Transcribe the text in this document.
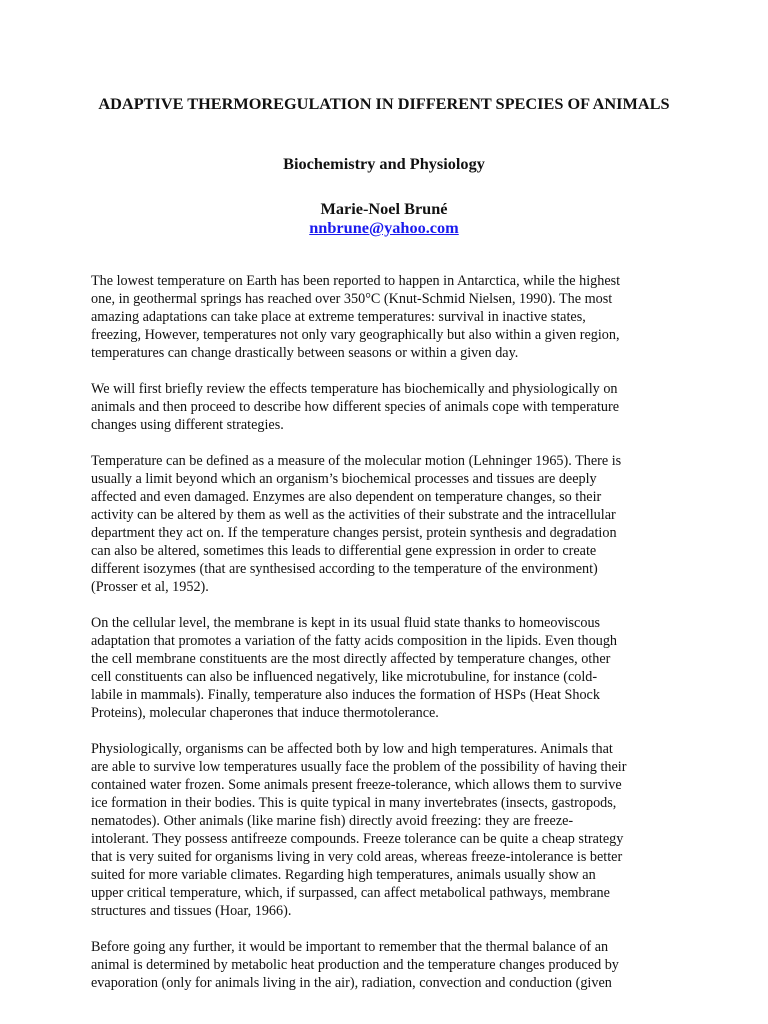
ADAPTIVE THERMOREGULATION IN DIFFERENT SPECIES OF ANIMALS
Biochemistry and Physiology
Marie-Noel Bruné
nnbrune@yahoo.com

The lowest temperature on Earth has been reported to happen in Antarctica, while the highest
one, in geothermal springs has reached over 350°C (Knut-Schmid Nielsen, 1990). The most
amazing adaptations can take place at extreme temperatures: survival in inactive states,
freezing, However, temperatures not only vary geographically but also within a given region,
temperatures can change drastically between seasons or within a given day.

We will first briefly review the effects temperature has biochemically and physiologically on
animals and then proceed to describe how different species of animals cope with temperature
changes using different strategies.

Temperature can be defined as a measure of the molecular motion (Lehninger 1965). There is
usually a limit beyond which an organism’s biochemical processes and tissues are deeply
affected and even damaged. Enzymes are also dependent on temperature changes, so their
activity can be altered by them as well as the activities of their substrate and the intracellular
department they act on. If the temperature changes persist, protein synthesis and degradation
can also be altered, sometimes this leads to differential gene expression in order to create
different isozymes (that are synthesised according to the temperature of the environment)
(Prosser et al, 1952).

On the cellular level, the membrane is kept in its usual fluid state thanks to homeoviscous
adaptation that promotes a variation of the fatty acids composition in the lipids. Even though
the cell membrane constituents are the most directly affected by temperature changes, other
cell constituents can also be influenced negatively, like microtubuline, for instance (cold-
labile in mammals). Finally, temperature also induces the formation of HSPs (Heat Shock
Proteins), molecular chaperones that induce thermotolerance.

Physiologically, organisms can be affected both by low and high temperatures. Animals that
are able to survive low temperatures usually face the problem of the possibility of having their
contained water frozen. Some animals present freeze-tolerance, which allows them to survive
ice formation in their bodies. This is quite typical in many invertebrates (insects, gastropods,
nematodes). Other animals (like marine fish) directly avoid freezing: they are freeze-
intolerant. They possess antifreeze compounds. Freeze tolerance can be quite a cheap strategy
that is very suited for organisms living in very cold areas, whereas freeze-intolerance is better
suited for more variable climates. Regarding high temperatures, animals usually show an
upper critical temperature, which, if surpassed, can affect metabolical pathways, membrane
structures and tissues (Hoar, 1966).

Before going any further, it would be important to remember that the thermal balance of an
animal is determined by metabolic heat production and the temperature changes produced by
evaporation (only for animals living in the air), radiation, convection and conduction (given
